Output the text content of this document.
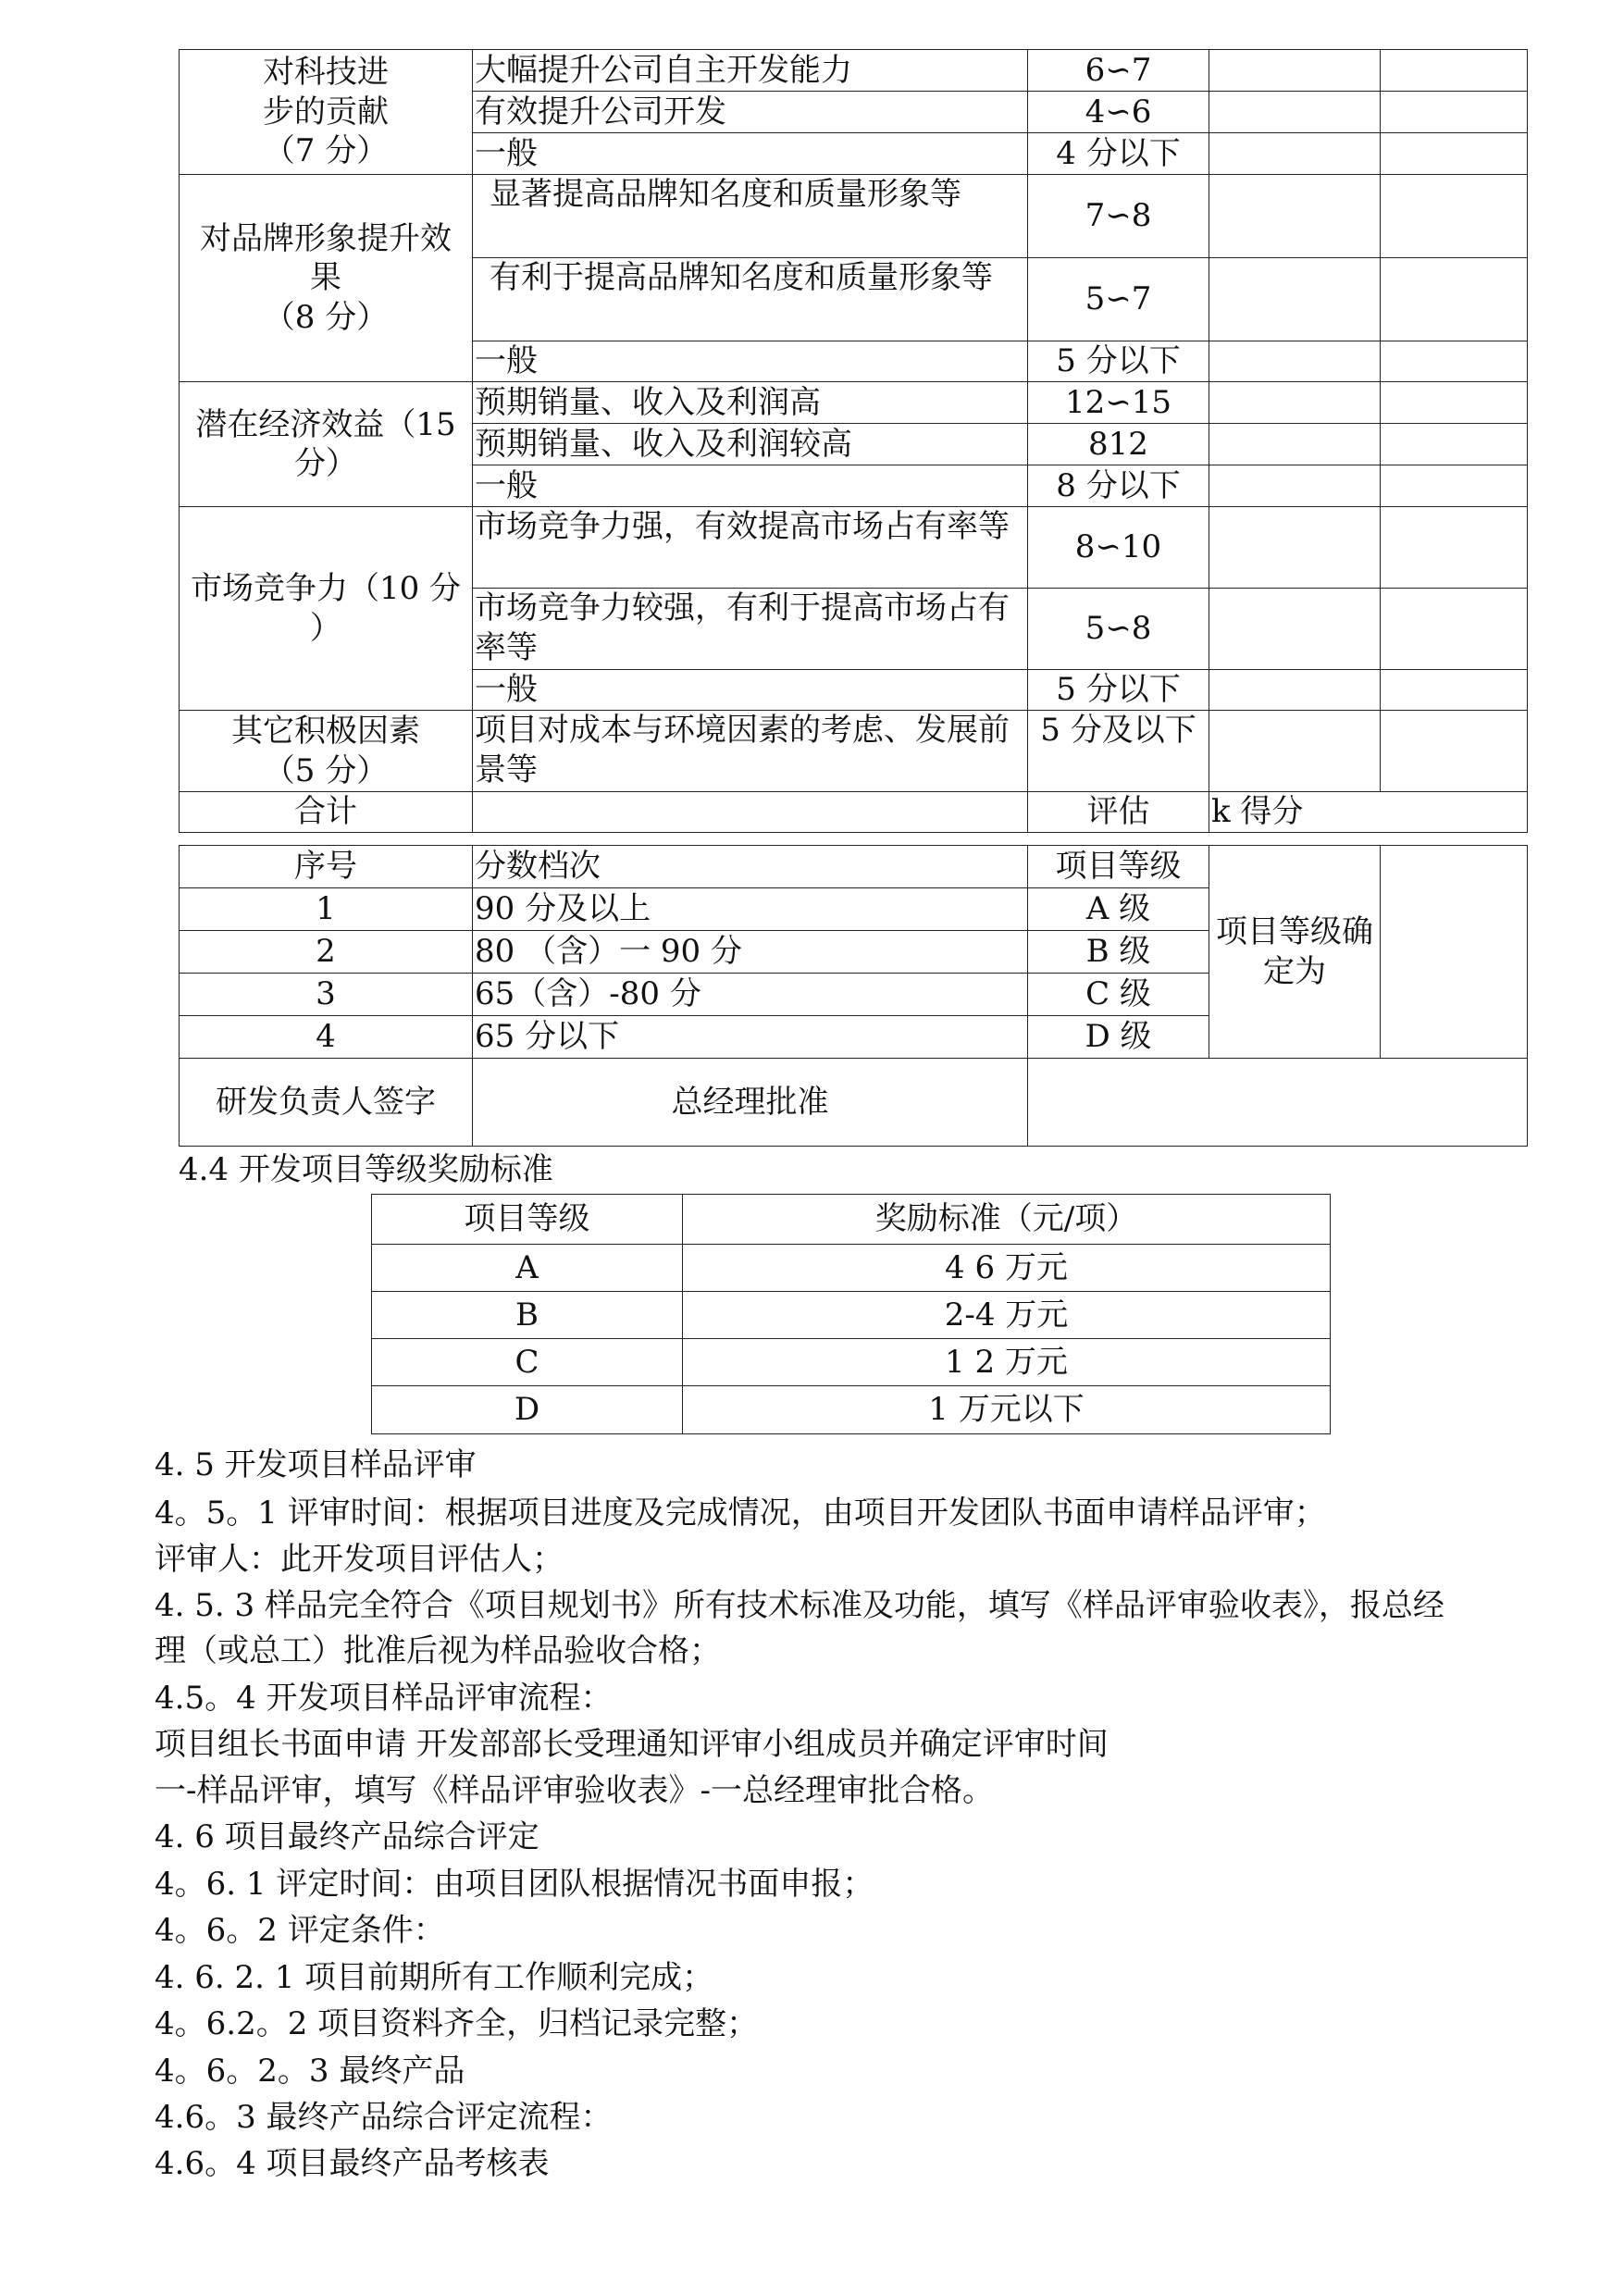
对科技进
步的贡献
（7 分）	大幅提升公司自主开发能力	6∽7		
	有效提升公司开发	4∽6		
	一般	4 分以下		

对品牌形象提升效
果
（8 分）	显著提高品牌知名度和质量形象等	7∽8		
	有利于提高品牌知名度和质量形象等	5∽7		
	一般	5 分以下		

潜在经济效益（15
分）	预期销量、收入及利润高	12∽15		
	预期销量、收入及利润较高	812		
	一般	8 分以下		

市场竞争力（10 分
）	市场竞争力强，有效提高市场占有率等	8∽10		
	市场竞争力较强，有利于提高市场占有率等	5∽8		
	一般	5 分以下		

其它积极因素
（5 分）	项目对成本与环境因素的考虑、发展前景等	5 分及以下		
合计		评估	k 得分	
序号	分数档次	项目等级	项目等级确
定为	

1	90 分及以上	A 级		
2	80 （含）一 90 分	B 级		
3	65（含）-80 分	C 级		
4	65 分以下	D 级		
研发负责人签字	总经理批准			
4.4 开发项目等级奖励标准
项目等级	奖励标准（元/项）
A	4 6 万元
B	2-4 万元
C	1 2 万元
D	1 万元以下
4. 5 开发项目样品评审
4。5。1 评审时间：根据项目进度及完成情况，由项目开发团队书面申请样品评审；
评审人：此开发项目评估人；
4. 5. 3 样品完全符合《项目规划书》所有技术标准及功能，填写《样品评审验收表》，报总经
理（或总工）批准后视为样品验收合格；
4.5。4 开发项目样品评审流程：
项目组长书面申请 开发部部长受理通知评审小组成员并确定评审时间
一-样品评审，填写《样品评审验收表》-一总经理审批合格。
4. 6 项目最终产品综合评定
4。6. 1 评定时间：由项目团队根据情况书面申报；
4。6。2 评定条件：
4. 6. 2. 1 项目前期所有工作顺利完成；
4。6.2。2 项目资料齐全，归档记录完整；
4。6。2。3 最终产品
4.6。3 最终产品综合评定流程：
4.6。4 项目最终产品考核表
